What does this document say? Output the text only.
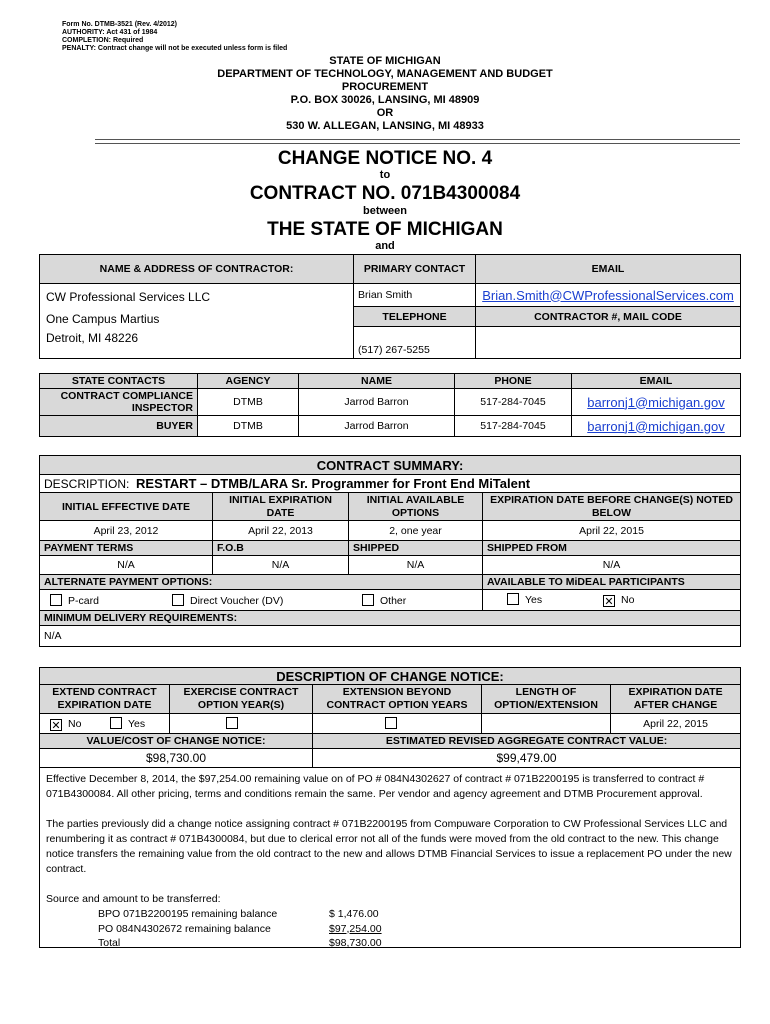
Form No. DTMB-3521 (Rev. 4/2012)
AUTHORITY: Act 431 of 1984
COMPLETION: Required
PENALTY: Contract change will not be executed unless form is filed
STATE OF MICHIGAN
DEPARTMENT OF TECHNOLOGY, MANAGEMENT AND BUDGET
PROCUREMENT
P.O. BOX 30026, LANSING, MI 48909
OR
530 W. ALLEGAN, LANSING, MI 48933
CHANGE NOTICE NO. 4
to
CONTRACT NO. 071B4300084
between
THE STATE OF MICHIGAN
and
NAME & ADDRESS OF CONTRACTOR:	PRIMARY CONTACT	EMAIL

CW Professional Services LLC
One Campus Martius
Detroit, MI 48226	Brian Smith	Brian.Smith@CWProfessionalServices.com
	TELEPHONE	CONTRACTOR #, MAIL CODE
	(517) 267-5255	
STATE CONTACTS	AGENCY	NAME	PHONE	EMAIL
CONTRACT COMPLIANCE INSPECTOR	DTMB	Jarrod Barron	517-284-7045	barronj1@michigan.gov
BUYER	DTMB	Jarrod Barron	517-284-7045	barronj1@michigan.gov
CONTRACT SUMMARY:			
DESCRIPTION: RESTART – DTMB/LARA Sr. Programmer for Front End MiTalent			
INITIAL EFFECTIVE DATE	INITIAL EXPIRATION DATE	INITIAL AVAILABLE OPTIONS	EXPIRATION DATE BEFORE CHANGE(S) NOTED BELOW
April 23, 2012	April 22, 2013	2, one year	April 22, 2015
PAYMENT TERMS	F.O.B	SHIPPED	SHIPPED FROM
N/A	N/A	N/A	N/A
ALTERNATE PAYMENT OPTIONS:			AVAILABLE TO MiDEAL PARTICIPANTS
P-card Direct Voucher (DV) Other			Yes ✕ No
MINIMUM DELIVERY REQUIREMENTS:			
N/A			
DESCRIPTION OF CHANGE NOTICE:				
EXTEND CONTRACT EXPIRATION DATE	EXERCISE CONTRACT OPTION YEAR(S)	EXTENSION BEYOND CONTRACT OPTION YEARS	LENGTH OF OPTION/EXTENSION	EXPIRATION DATE AFTER CHANGE
✕ No Yes				April 22, 2015
VALUE/COST OF CHANGE NOTICE:		ESTIMATED REVISED AGGREGATE CONTRACT VALUE:		
$98,730.00		$99,479.00		

Effective December 8, 2014, the $97,254.00 remaining value on of PO # 084N4302627 of contract # 071B2200195 is transferred to contract # 071B4300084. All other pricing, terms and conditions remain the same. Per vendor and agency agreement and DTMB Procurement approval.

The parties previously did a change notice assigning contract # 071B2200195 from Compuware Corporation to CW Professional Services LLC and renumbering it as contract # 071B4300084, but due to clerical error not all of the funds were moved from the old contract to the new. This change notice transfers the remaining value from the old contract to the new and allows DTMB Financial Services to issue a replacement PO under the new contract.

Source and amount to be transferred:
BPO 071B2200195 remaining balance	$ 1,476.00
PO 084N4302672 remaining balance	$97,254.00
Total	$98,730.00
